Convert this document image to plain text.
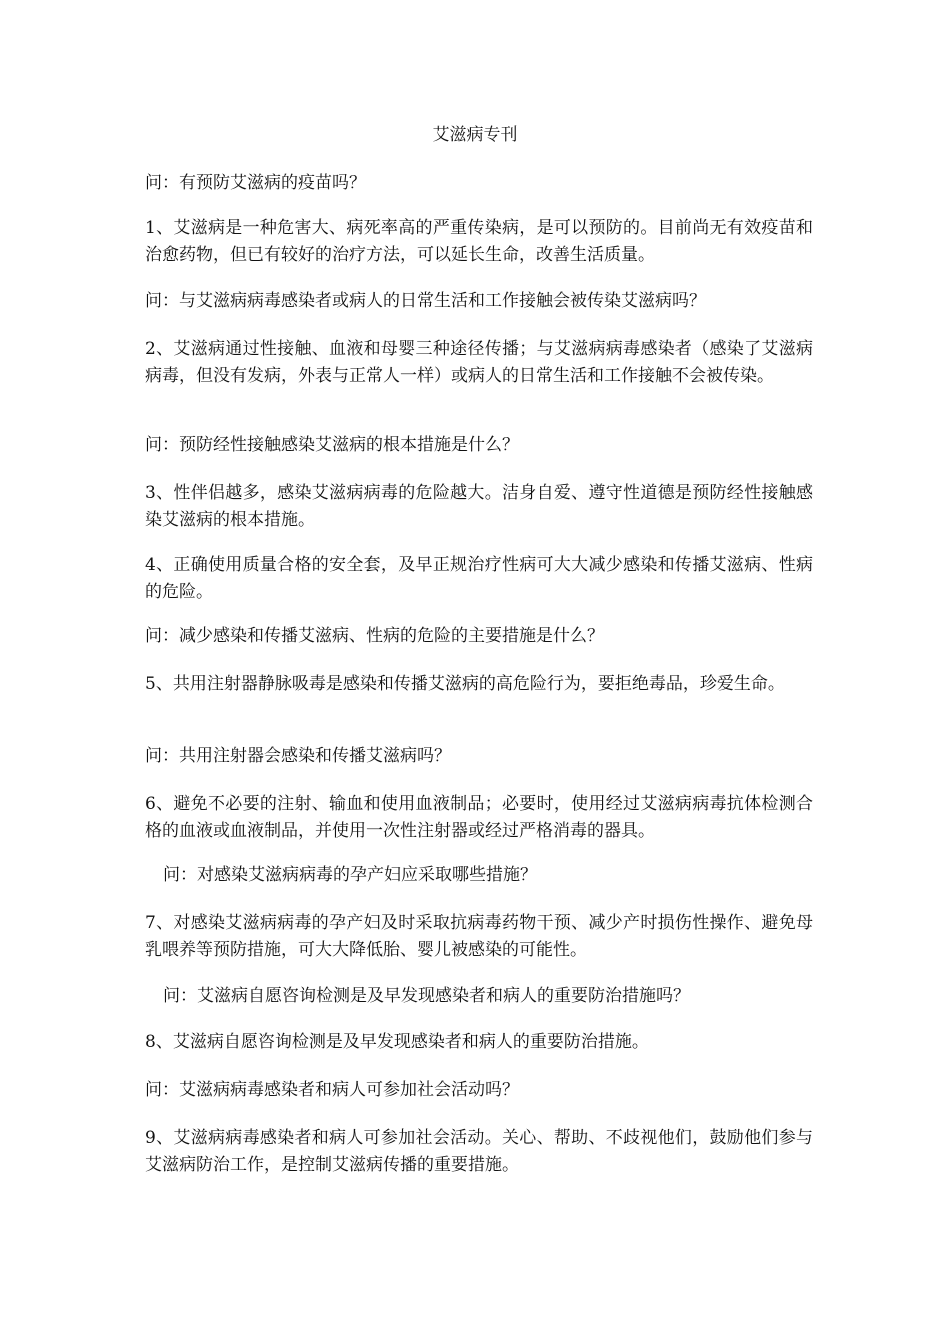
艾滋病专刊
问：有预防艾滋病的疫苗吗？
1、艾滋病是一种危害大、病死率高的严重传染病，是可以预防的。目前尚无有效疫苗和治愈药物，但已有较好的治疗方法，可以延长生命，改善生活质量。
问：与艾滋病病毒感染者或病人的日常生活和工作接触会被传染艾滋病吗？
2、艾滋病通过性接触、血液和母婴三种途径传播；与艾滋病病毒感染者（感染了艾滋病病毒，但没有发病，外表与正常人一样）或病人的日常生活和工作接触不会被传染。
问：预防经性接触感染艾滋病的根本措施是什么？
3、性伴侣越多，感染艾滋病病毒的危险越大。洁身自爱、遵守性道德是预防经性接触感染艾滋病的根本措施。
4、正确使用质量合格的安全套，及早正规治疗性病可大大减少感染和传播艾滋病、性病的危险。
问：减少感染和传播艾滋病、性病的危险的主要措施是什么？
5、共用注射器静脉吸毒是感染和传播艾滋病的高危险行为，要拒绝毒品，珍爱生命。
问：共用注射器会感染和传播艾滋病吗？
6、避免不必要的注射、输血和使用血液制品；必要时，使用经过艾滋病病毒抗体检测合格的血液或血液制品，并使用一次性注射器或经过严格消毒的器具。
问：对感染艾滋病病毒的孕产妇应采取哪些措施？
7、对感染艾滋病病毒的孕产妇及时采取抗病毒药物干预、减少产时损伤性操作、避免母乳喂养等预防措施，可大大降低胎、婴儿被感染的可能性。
问：艾滋病自愿咨询检测是及早发现感染者和病人的重要防治措施吗？
8、艾滋病自愿咨询检测是及早发现感染者和病人的重要防治措施。
问：艾滋病病毒感染者和病人可参加社会活动吗？
9、艾滋病病毒感染者和病人可参加社会活动。关心、帮助、不歧视他们，鼓励他们参与艾滋病防治工作，是控制艾滋病传播的重要措施。
